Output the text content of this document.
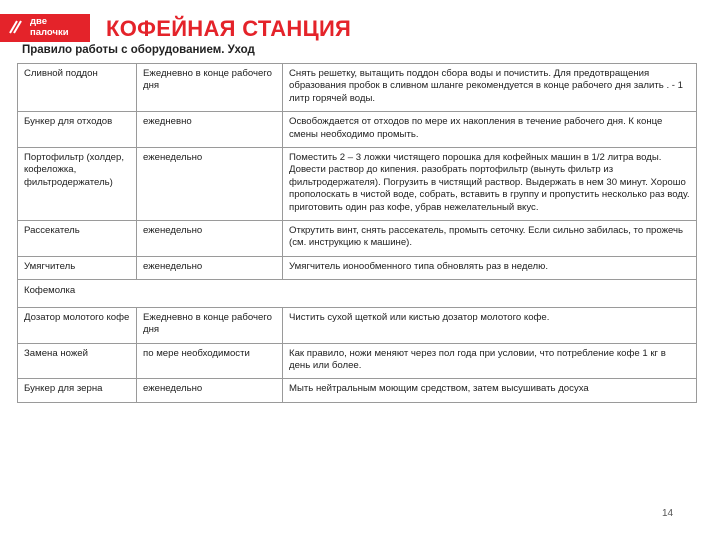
две
палочки КОФЕЙНАЯ СТАНЦИЯ
Правило работы с оборудованием. Уход
Сливной поддон	Ежедневно в конце рабочего дня	Снять решетку, вытащить поддон сбора воды и почистить. Для предотвращения образования пробок в сливном шланге рекомендуется в конце рабочего дня залить . - 1 литр горячей воды.
Бункер для отходов	ежедневно	Освобождается от отходов по мере их накопления в течение рабочего дня. К конце смены необходимо промыть.
Портофильтр (холдер, кофеложка, фильтродержатель)	еженедельно	Поместить 2 – 3 ложки чистящего порошка для кофейных машин в 1/2 литра воды. Довести раствор до кипения. разобрать портофильтр (вынуть фильтр из фильтродержателя). Погрузить в чистящий раствор. Выдержать в нем 30 минут. Хорошо прополоскать в чистой воде, собрать, вставить в группу и пропустить несколько раз воду. приготовить один раз кофе, убрав нежелательный вкус.
Рассекатель	еженедельно	Открутить винт, снять рассекатель, промыть сеточку. Если сильно забилась, то прожечь (см. инструкцию к машине).
Умягчитель	еженедельно	Умягчитель ионообменного типа обновлять раз в неделю.
Кофемолка		
Дозатор молотого кофе	Ежедневно в конце рабочего дня	Чистить сухой щеткой или кистью дозатор молотого кофе.
Замена ножей	по мере необходимости	Как правило, ножи меняют через пол года при условии, что потребление кофе 1 кг в
день или более.
Бункер для зерна	еженедельно	Мыть нейтральным моющим средством, затем высушивать досуха
14
